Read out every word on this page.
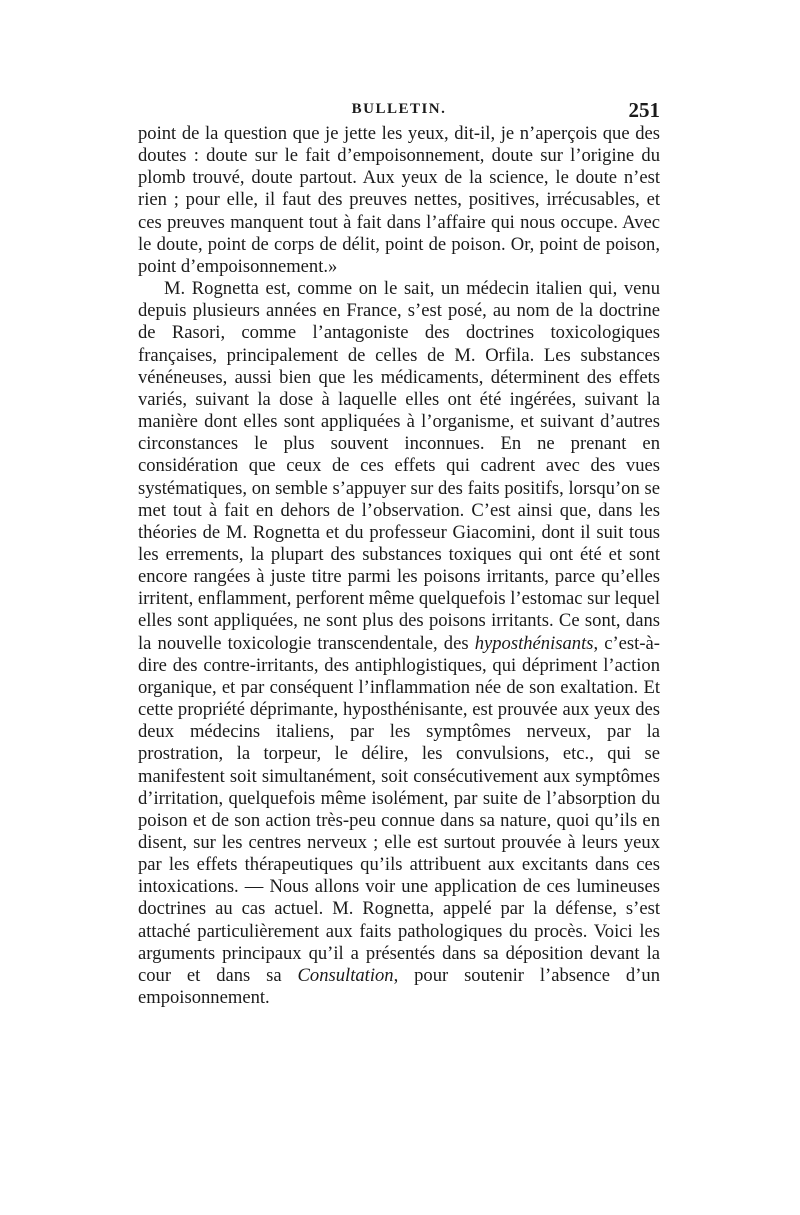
BULLETIN.	251

point de la question que je jette les yeux, dit-il, je n’aperçois que des doutes : doute sur le fait d’empoisonnement, doute sur l’origine du plomb trouvé, doute partout. Aux yeux de la science, le doute n’est rien ; pour elle, il faut des preuves nettes, positives, irrécusables, et ces preuves manquent tout à fait dans l’affaire qui nous occupe. Avec le doute, point de corps de délit, point de poison. Or, point de poison, point d’empoisonnement.»

M. Rognetta est, comme on le sait, un médecin italien qui, venu depuis plusieurs années en France, s’est posé, au nom de la doctrine de Rasori, comme l’antagoniste des doctrines toxicologiques françaises, principalement de celles de M. Orfila. Les substances vénéneuses, aussi bien que les médicaments, déterminent des effets variés, suivant la dose à laquelle elles ont été ingérées, suivant la manière dont elles sont appliquées à l’organisme, et suivant d’autres circonstances le plus souvent inconnues. En ne prenant en considération que ceux de ces effets qui cadrent avec des vues systématiques, on semble s’appuyer sur des faits positifs, lorsqu’on se met tout à fait en dehors de l’observation. C’est ainsi que, dans les théories de M. Rognetta et du professeur Giacomini, dont il suit tous les errements, la plupart des substances toxiques qui ont été et sont encore rangées à juste titre parmi les poisons irritants, parce qu’elles irritent, enflamment, perforent même quelquefois l’estomac sur lequel elles sont appliquées, ne sont plus des poisons irritants. Ce sont, dans la nouvelle toxicologie transcendentale, des hyposthénisants, c’est-à-dire des contre-irritants, des antiphlogistiques, qui dépriment l’action organique, et par conséquent l’inflammation née de son exaltation. Et cette propriété déprimante, hyposthénisante, est prouvée aux yeux des deux médecins italiens, par les symptômes nerveux, par la prostration, la torpeur, le délire, les convulsions, etc., qui se manifestent soit simultanément, soit consécutivement aux symptômes d’irritation, quelquefois même isolément, par suite de l’absorption du poison et de son action très-peu connue dans sa nature, quoi qu’ils en disent, sur les centres nerveux ; elle est surtout prouvée à leurs yeux par les effets thérapeutiques qu’ils attribuent aux excitants dans ces intoxications. — Nous allons voir une application de ces lumineuses doctrines au cas actuel. M. Rognetta, appelé par la défense, s’est attaché particulièrement aux faits pathologiques du procès. Voici les arguments principaux qu’il a présentés dans sa déposition devant la cour et dans sa Consultation, pour soutenir l’absence d’un empoisonnement.
